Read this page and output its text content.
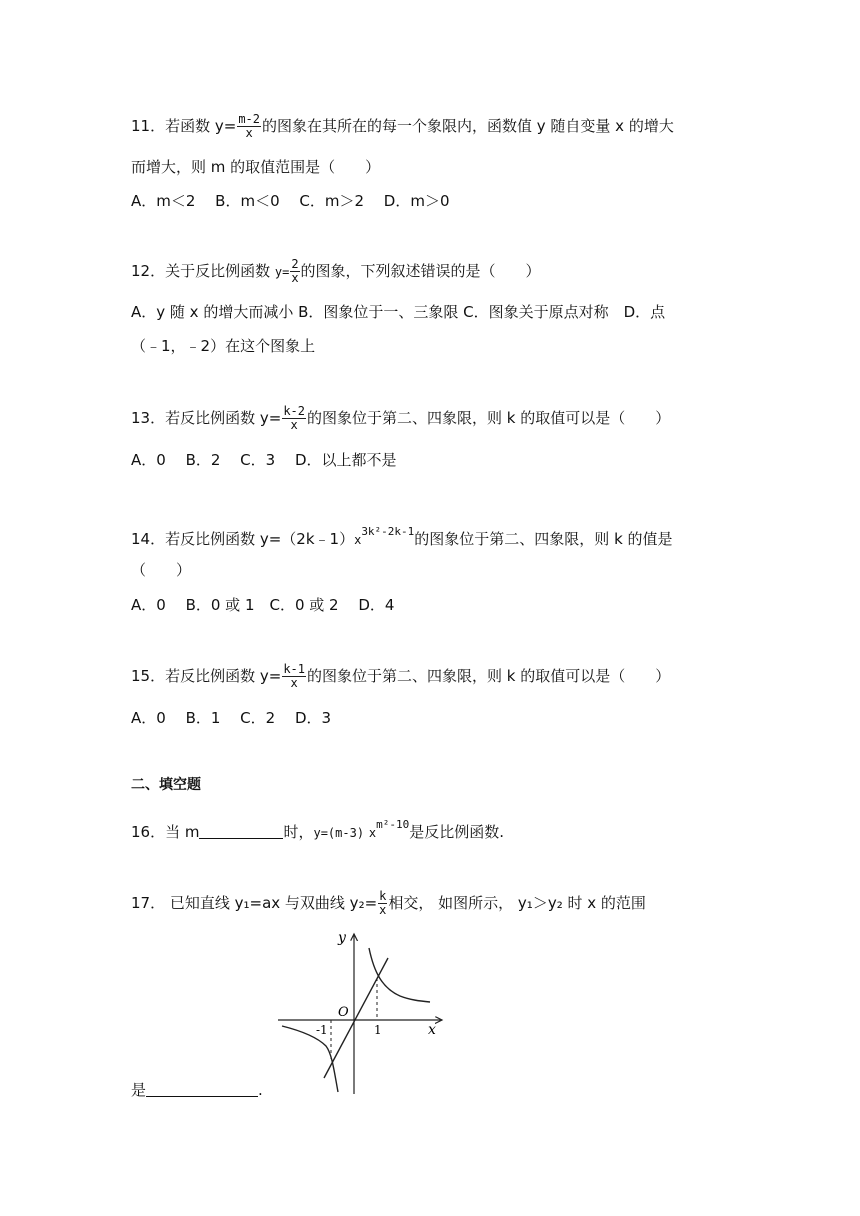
11．若函数 $y= \frac{m-2}{x}$ 的图象在其所在的每一个象限内，函数值 y 随自变量 x 的增大
而增大，则 m 的取值范围是（　　）
A．m＜2　 B．m＜0　 C．m＞2　 D．m＞0
12．关于反比例函数 $y= \frac{2}{x}$ 的图象，下列叙述错误的是（　　）
A．y 随 x 的增大而减小 B．图象位于一、三象限 C．图象关于原点对称　D．点
（﹣1，﹣2）在这个图象上
13．若反比例函数 $y= \frac{k-2}{x}$ 的图象位于第二、四象限，则 k 的取值可以是（　　）
A．0　 B．2　 C．3　 D．以上都不是
14．若反比例函数 $y=(2k﹣1)x^{3k^2-2k-1}$的图象位于第二、四象限，则 k 的值是
（　　）
A．0　 B．0 或 1　C．0 或 2　 D．4
15．若反比例函数 $y= \frac{k-1}{x}$ 的图象位于第二、四象限，则 k 的取值可以是（　　）
A．0　 B．1　 C．2　 D．3
二、填空题
16．当 m	时，y=(m-3) $x^{m^2-10}$是反比例函数.
17． 已知直线 y₁=ax 与双曲线 $y_2= \frac{k}{x}$ 相交， 如图所示， y₁＞y₂ 时 x 的范围
y
x
O
1
-1
是	.
